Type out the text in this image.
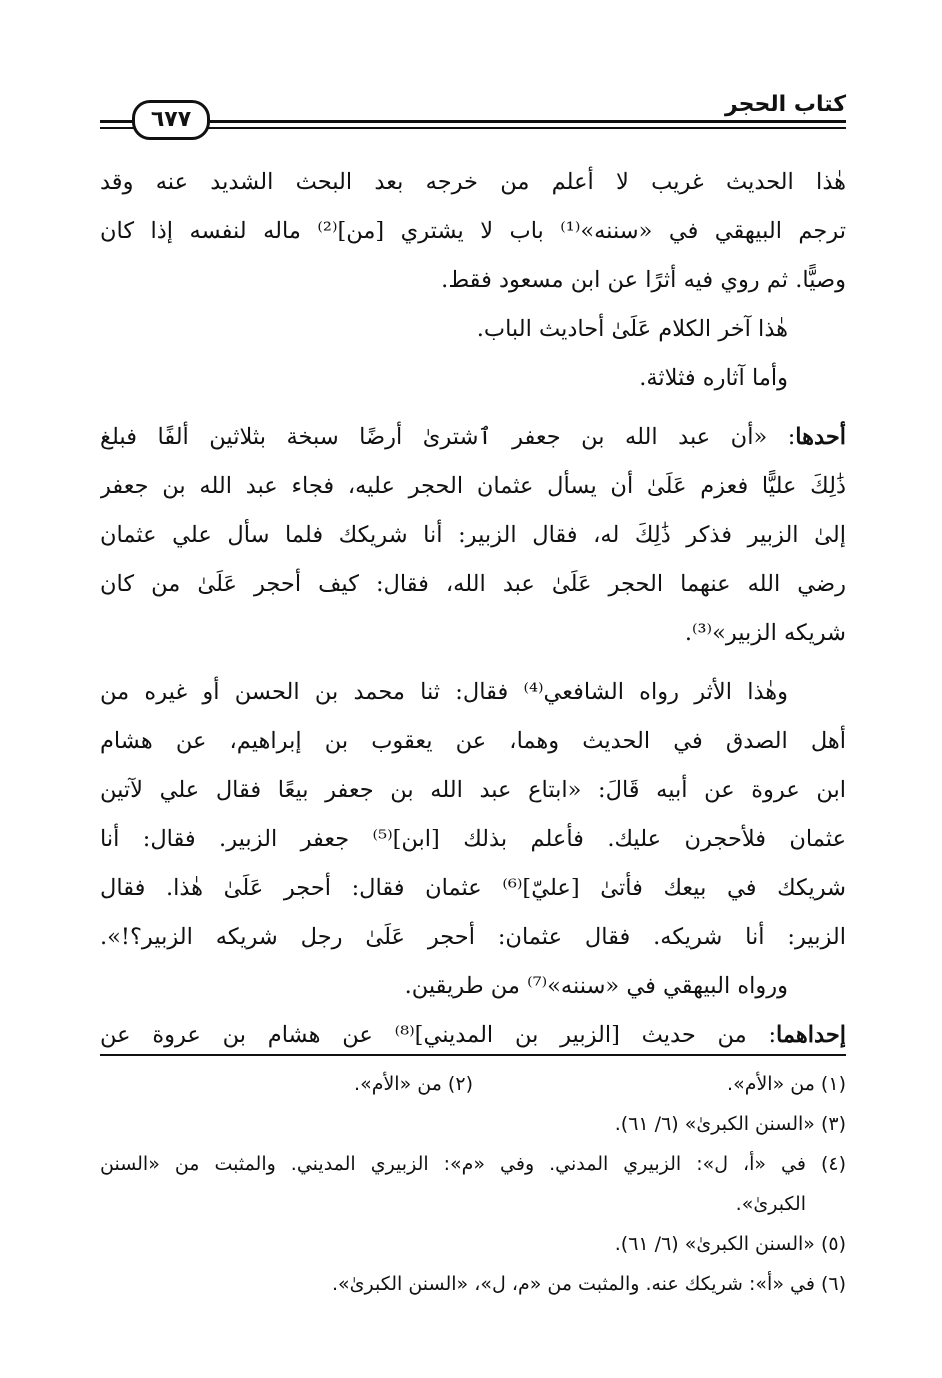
كتاب الحجر
٦٧٧
هٰذا الحديث غريب لا أعلم من خرجه بعد البحث الشديد عنه وقد
ترجم البيهقي في «سننه»⁽¹⁾ باب لا يشتري [من]⁽²⁾ ماله لنفسه إذا كان
وصيًّا. ثم روي فيه أثرًا عن ابن مسعود فقط.
هٰذا آخر الكلام عَلَىٰ أحاديث الباب.
وأما آثاره فثلاثة.
أحدها: «أن عبد الله بن جعفر ٱشترىٰ أرضًا سبخة بثلاثين ألفًا فبلغ
ذَٰلِكَ عليًّا فعزم عَلَىٰ أن يسأل عثمان الحجر عليه، فجاء عبد الله بن جعفر
إلىٰ الزبير فذكر ذَٰلِكَ له، فقال الزبير: أنا شريكك فلما سأل علي عثمان
رضي الله عنهما الحجر عَلَىٰ عبد الله، فقال: كيف أحجر عَلَىٰ من كان
شريكه الزبير»⁽³⁾.
وهٰذا الأثر رواه الشافعي⁽⁴⁾ فقال: ثنا محمد بن الحسن أو غيره من
أهل الصدق في الحديث وهما، عن يعقوب بن إبراهيم، عن هشام
ابن عروة عن أبيه قَالَ: «ابتاع عبد الله بن جعفر بيعًا فقال علي لآتين
عثمان فلأحجرن عليك. فأعلم بذلك [ابن]⁽⁵⁾ جعفر الزبير. فقال: أنا
شريكك في بيعك فأتىٰ [عليّ]⁽⁶⁾ عثمان فقال: أحجر عَلَىٰ هٰذا. فقال
الزبير: أنا شريكه. فقال عثمان: أحجر عَلَىٰ رجل شريكه الزبير؟!».
ورواه البيهقي في «سننه»⁽⁷⁾ من طريقين.
إحداهما: من حديث [الزبير بن المديني]⁽⁸⁾ عن هشام بن عروة عن
(١) من «الأم».
(٢) من «الأم».
(٣) «السنن الكبرىٰ» (٦/ ٦١).
(٤) في «أ، ل»: الزبيري المدني. وفي «م»: الزبيري المديني. والمثبت من «السنن
الكبرىٰ».
(٥) «السنن الكبرىٰ» (٦/ ٦١).
(٦) في «أ»: شريكك عنه. والمثبت من «م، ل»، «السنن الكبرىٰ».
